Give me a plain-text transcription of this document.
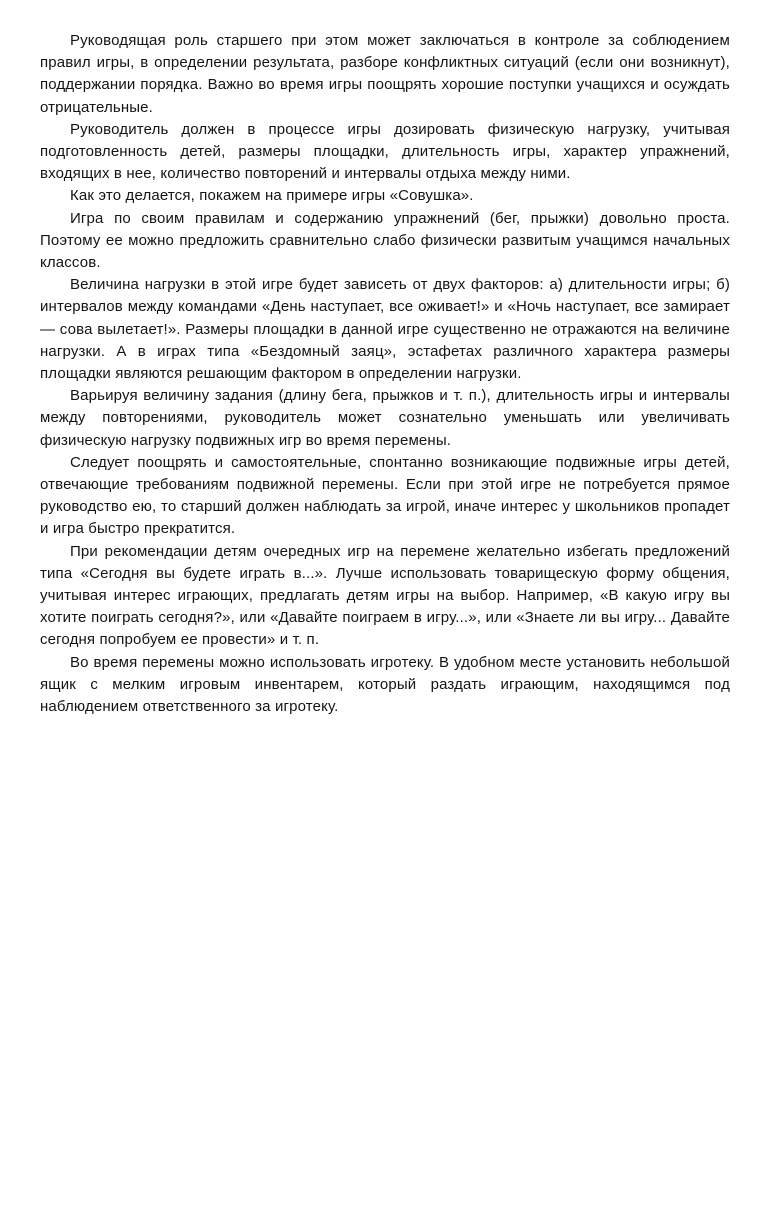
Руководящая роль старшего при этом может заключаться в контроле за соблюдением правил игры, в определении результата, разборе конфликтных ситуаций (если они возникнут), поддержании порядка. Важно во время игры поощрять хорошие поступки учащихся и осуждать отрицательные.

Руководитель должен в процессе игры дозировать физическую нагрузку, учитывая подготовленность детей, размеры площадки, длительность игры, характер упражнений, входящих в нее, количество повторений и интервалы отдыха между ними.

Как это делается, покажем на примере игры «Совушка».

Игра по своим правилам и содержанию упражнений (бег, прыжки) довольно проста. Поэтому ее можно предложить сравнительно слабо физически развитым учащимся начальных классов.

Величина нагрузки в этой игре будет зависеть от двух факторов: а) длительности игры; б) интервалов между командами «День наступает, все оживает!» и «Ночь наступает, все замирает — сова вылетает!». Размеры площадки в данной игре существенно не отражаются на величине нагрузки. А в играх типа «Бездомный заяц», эстафетах различного характера размеры площадки являются решающим фактором в определении нагрузки.

Варьируя величину задания (длину бега, прыжков и т. п.), длительность игры и интервалы между повторениями, руководитель может сознательно уменьшать или увеличивать физическую нагрузку подвижных игр во время перемены.

Следует поощрять и самостоятельные, спонтанно возникающие подвижные игры детей, отвечающие требованиям подвижной перемены. Если при этой игре не потребуется прямое руководство ею, то старший должен наблюдать за игрой, иначе интерес у школьников пропадет и игра быстро прекратится.

При рекомендации детям очередных игр на перемене желательно избегать предложений типа «Сегодня вы будете играть в...». Лучше использовать товарищескую форму общения, учитывая интерес играющих, предлагать детям игры на выбор. Например, «В какую игру вы хотите поиграть сегодня?», или «Давайте поиграем в игру...», или «Знаете ли вы игру... Давайте сегодня попробуем ее провести» и т. п.

Во время перемены можно использовать игротеку. В удобном месте установить небольшой ящик с мелким игровым инвентарем, который раздать играющим, находящимся под наблюдением ответственного за игротеку.
